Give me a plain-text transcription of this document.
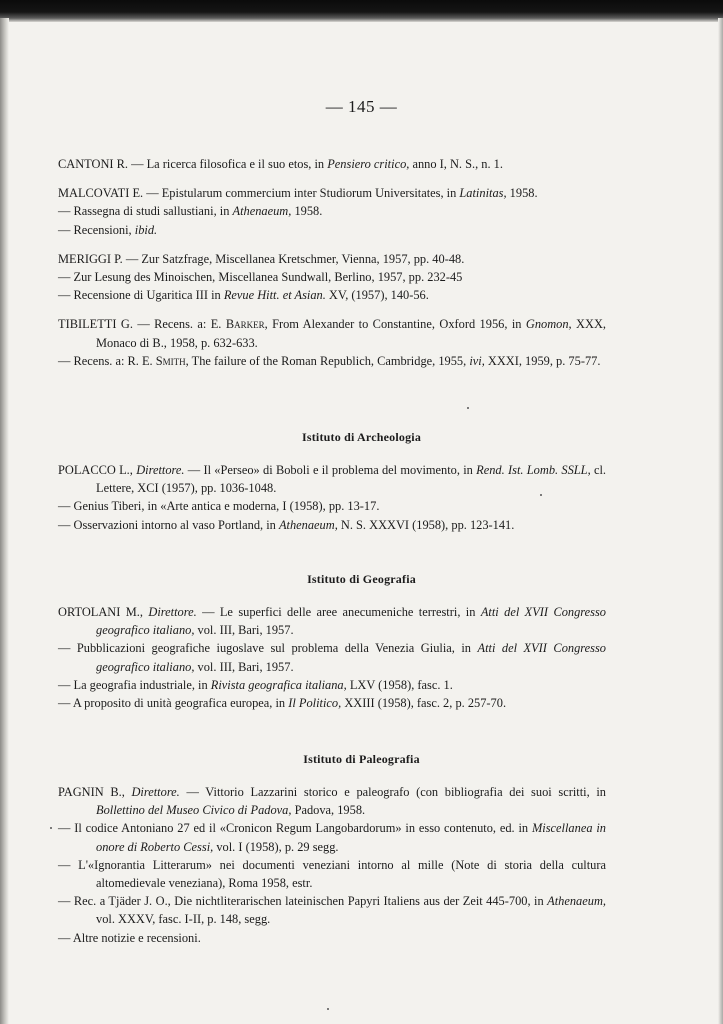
— 145 —
CANTONI R. — La ricerca filosofica e il suo etos, in Pensiero critico, anno I, N. S., n. 1.
MALCOVATI E. — Epistularum commercium inter Studiorum Universitates, in Latinitas, 1958.
— Rassegna di studi sallustiani, in Athenaeum, 1958.
— Recensioni, ibid.
MERIGGI P. — Zur Satzfrage, Miscellanea Kretschmer, Vienna, 1957, pp. 40-48.
— Zur Lesung des Minoischen, Miscellanea Sundwall, Berlino, 1957, pp. 232-45
— Recensione di Ugaritica III in Revue Hitt. et Asian. XV, (1957), 140-56.
TIBILETTI G. — Recens. a: E. Barker, From Alexander to Constantine, Oxford 1956, in Gnomon, XXX, Monaco di B., 1958, p. 632-633.
— Recens. a: R. E. Smith, The failure of the Roman Republich, Cambridge, 1955, ivi, XXXI, 1959, p. 75-77.
Istituto di Archeologia
POLACCO L., Direttore. — Il «Perseo» di Boboli e il problema del movimento, in Rend. Ist. Lomb. SSLL, cl. Lettere, XCI (1957), pp. 1036-1048.
— Genius Tiberi, in «Arte antica e moderna, I (1958), pp. 13-17.
— Osservazioni intorno al vaso Portland, in Athenaeum, N. S. XXXVI (1958), pp. 123-141.
Istituto di Geografia
ORTOLANI M., Direttore. — Le superfici delle aree anecumeniche terrestri, in Atti del XVII Congresso geografico italiano, vol. III, Bari, 1957.
— Pubblicazioni geografiche iugoslave sul problema della Venezia Giulia, in Atti del XVII Congresso geografico italiano, vol. III, Bari, 1957.
— La geografia industriale, in Rivista geografica italiana, LXV (1958), fasc. 1.
— A proposito di unità geografica europea, in Il Politico, XXIII (1958), fasc. 2, p. 257-70.
Istituto di Paleografia
PAGNIN B., Direttore. — Vittorio Lazzarini storico e paleografo (con bibliografia dei suoi scritti, in Bollettino del Museo Civico di Padova, Padova, 1958.
— Il codice Antoniano 27 ed il «Cronicon Regum Langobardorum» in esso contenuto, ed. in Miscellanea in onore di Roberto Cessi, vol. I (1958), p. 29 segg.
— L'«Ignorantia Litterarum» nei documenti veneziani intorno al mille (Note di storia della cultura altomedievale veneziana), Roma 1958, estr.
— Rec. a Tjäder J. O., Die nichtliterarischen lateinischen Papyri Italiens aus der Zeit 445-700, in Athenaeum, vol. XXXV, fasc. I-II, p. 148, segg.
— Altre notizie e recensioni.
